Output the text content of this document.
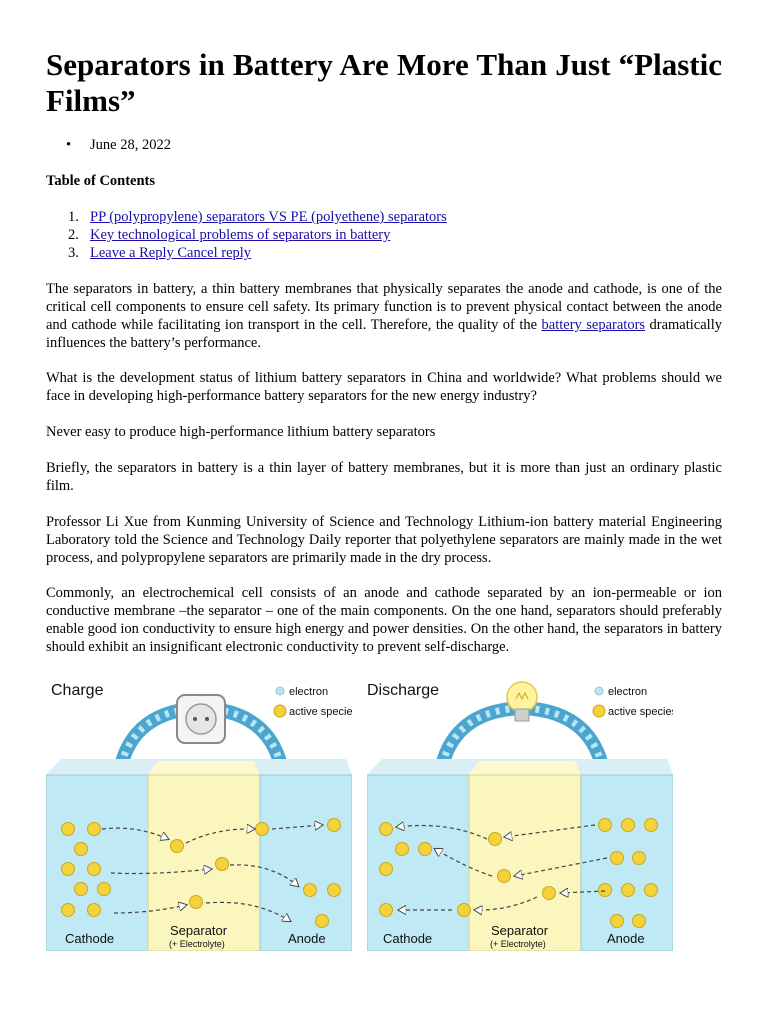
Separators in Battery Are More Than Just “Plastic Films”
• June 28, 2022
Table of Contents
1. PP (polypropylene) separators VS PE (polyethene) separators
2. Key technological problems of separators in battery
3. Leave a Reply Cancel reply

The separators in battery, a thin battery membranes that physically separates the anode and cathode, is one of the critical cell components to ensure cell safety. Its primary function is to prevent physical contact between the anode and cathode while facilitating ion transport in the cell. Therefore, the quality of the battery separators dramatically influences the battery’s performance.

What is the development status of lithium battery separators in China and worldwide? What problems should we face in developing high-performance battery separators for the new energy industry?

Never easy to produce high-performance lithium battery separators

Briefly, the separators in battery is a thin layer of battery membranes, but it is more than just an ordinary plastic film.

Professor Li Xue from Kunming University of Science and Technology Lithium-ion battery material Engineering Laboratory told the Science and Technology Daily reporter that polyethylene separators are mainly made in the wet process, and polypropylene separators are primarily made in the dry process.

Commonly, an electrochemical cell consists of an anode and cathode separated by an ion-permeable or ion conductive membrane –the separator – one of the main components. On the one hand, separators should preferably enable good ion conductivity to ensure high energy and power densities. On the other hand, the separators in battery should exhibit an insignificant electronic conductivity to prevent self-discharge.

Charge	electron
active species
Cathode
Separator
(+ Electrolyte)	Anode
Discharge	electron
active species
Cathode
Separator
(+ Electrolyte)	Anode
